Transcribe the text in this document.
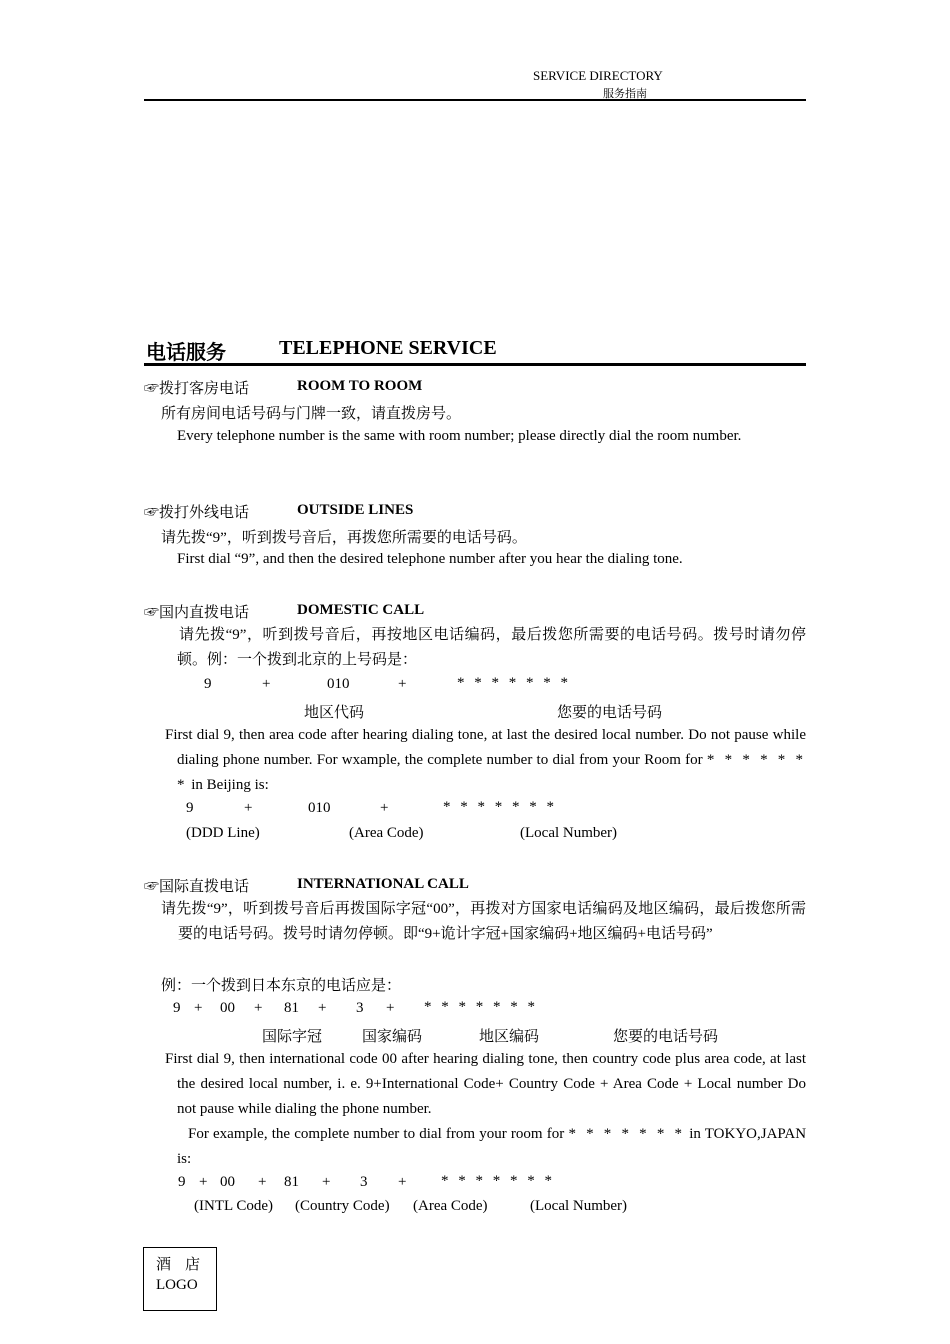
SERVICE DIRECTORY
服务指南
电话服务	TELEPHONE SERVICE
☞拨打客房电话	ROOM TO ROOM
所有房间电话号码与门牌一致，请直拨房号。
Every telephone number is the same with room number; please directly dial the room number.
☞拨打外线电话	OUTSIDE LINES
请先拨“9”，听到拨号音后，再拨您所需要的电话号码。
First dial “9”, and then the desired telephone number after you hear the dialing tone.
☞国内直拨电话	DOMESTIC CALL
请先拨“9”，听到拨号音后，再按地区电话编码，最后拨您所需要的电话号码。拨号时请勿停顿。例：一个拨到北京的上号码是：
9	+	010	+	* * * * * * *
地区代码	您要的电话号码
First dial 9, then area code after hearing dialing tone, at last the desired local number. Do not pause while dialing phone number. For wxample, the complete number to dial from your Room for * * * * * * * in Beijing is:
9	+	010	+	* * * * * * *
(DDD Line)	(Area Code)	(Local Number)
☞国际直拨电话	INTERNATIONAL CALL
请先拨“9”，听到拨号音后再拨国际字冠“00”，再拨对方国家电话编码及地区编码，最后拨您所需要的电话号码。拨号时请勿停顿。即“9+诡计字冠+国家编码+地区编码+电话号码”
例：一个拨到日本东京的电话应是：
9 + 00 + 81 + 3 + * * * * * * *
国际字冠	国家编码	地区编码	您要的电话号码
First dial 9, then international code 00 after hearing dialing tone, then country code plus area code, at last the desired local number, i. e. 9+International Code+ Country Code + Area Code + Local number Do not pause while dialing the phone number.
For example, the complete number to dial from your room for * * * * * * * in TOKYO,JAPAN is:
9 + 00 + 81 + 3 + * * * * * * *
(INTL Code) (Country Code) (Area Code)	(Local Number)
酒店
LOGO
